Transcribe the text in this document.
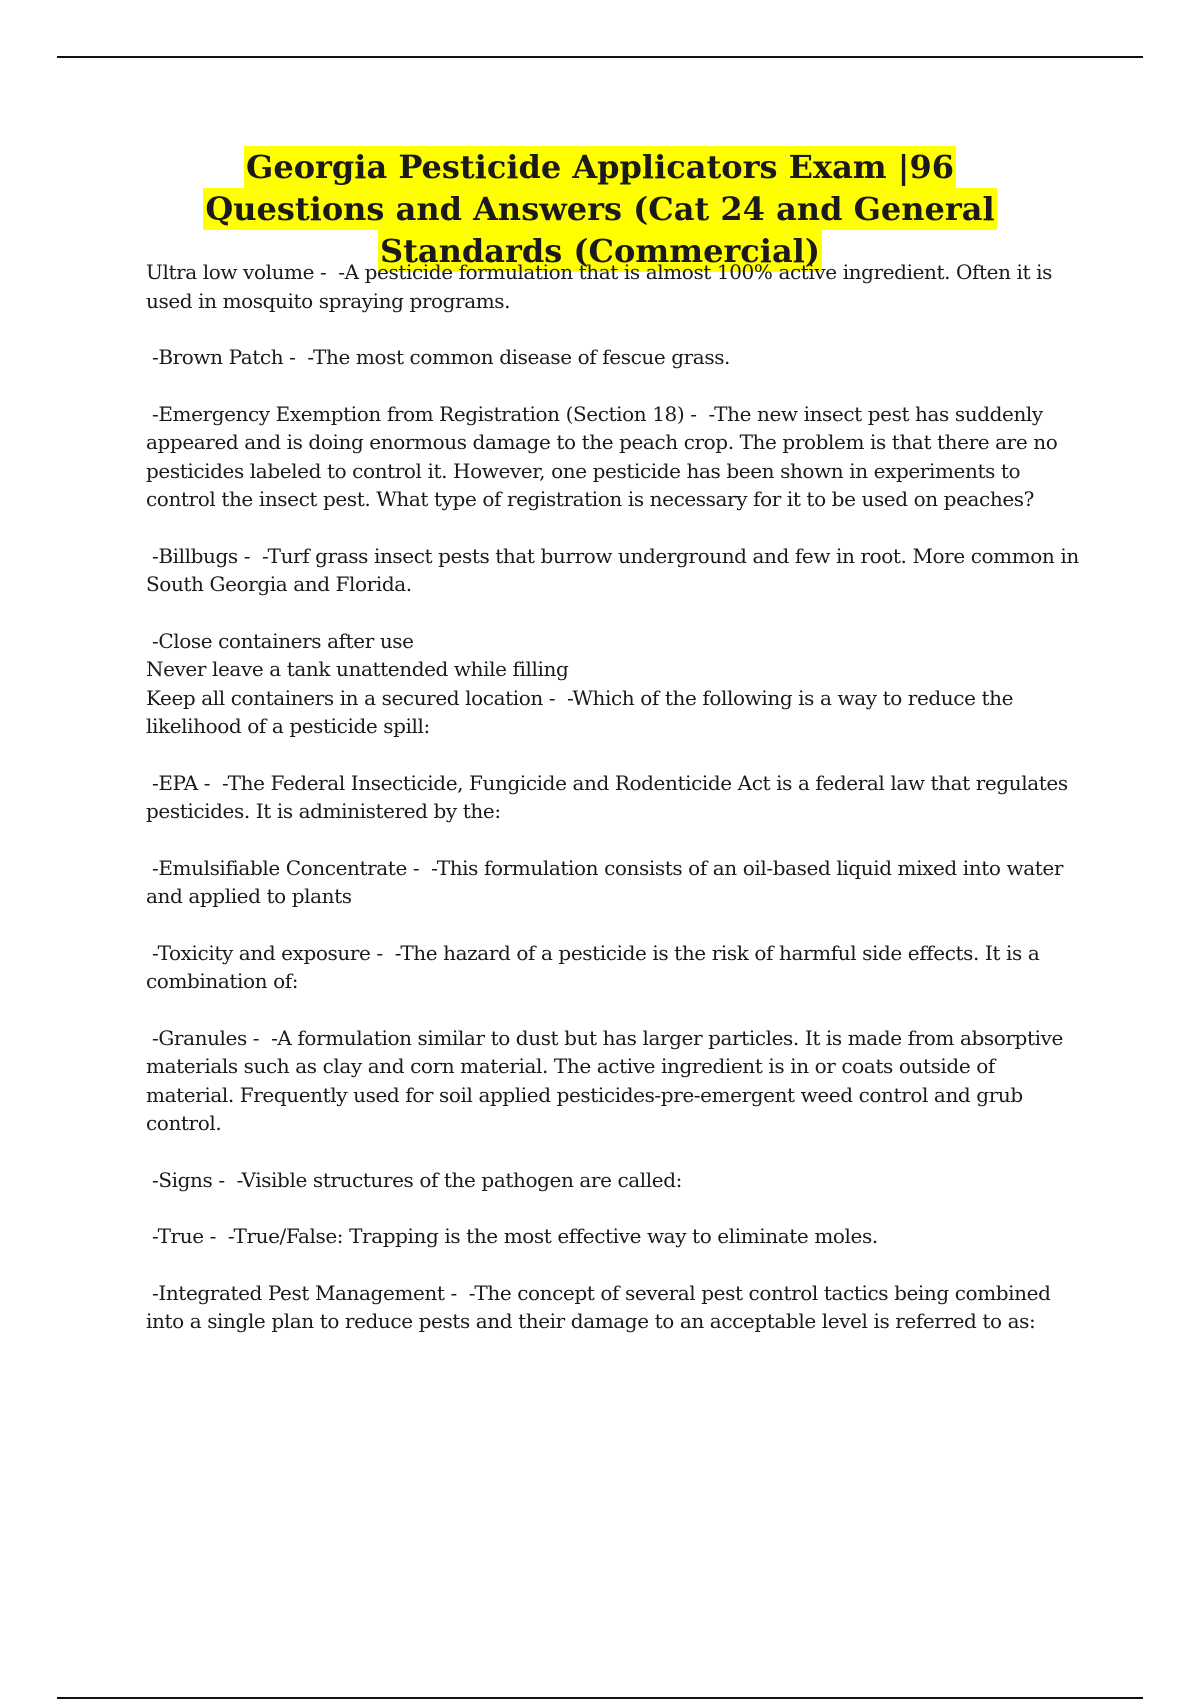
Georgia Pesticide Applicators Exam |96 Questions and Answers (Cat 24 and General Standards (Commercial)

Ultra low volume -  -A pesticide formulation that is almost 100% active ingredient. Often it is used in mosquito spraying programs.

-Brown Patch -  -The most common disease of fescue grass.

-Emergency Exemption from Registration (Section 18) -  -The new insect pest has suddenly appeared and is doing enormous damage to the peach crop. The problem is that there are no pesticides labeled to control it. However, one pesticide has been shown in experiments to control the insect pest. What type of registration is necessary for it to be used on peaches?

-Billbugs -  -Turf grass insect pests that burrow underground and few in root. More common in South Georgia and Florida.

-Close containers after use
Never leave a tank unattended while filling
Keep all containers in a secured location -  -Which of the following is a way to reduce the likelihood of a pesticide spill:

-EPA -  -The Federal Insecticide, Fungicide and Rodenticide Act is a federal law that regulates pesticides. It is administered by the:

-Emulsifiable Concentrate -  -This formulation consists of an oil-based liquid mixed into water and applied to plants

-Toxicity and exposure -  -The hazard of a pesticide is the risk of harmful side effects. It is a combination of:

-Granules -  -A formulation similar to dust but has larger particles. It is made from absorptive materials such as clay and corn material. The active ingredient is in or coats outside of material. Frequently used for soil applied pesticides-pre-emergent weed control and grub control.

-Signs -  -Visible structures of the pathogen are called:

-True -  -True/False: Trapping is the most effective way to eliminate moles.

-Integrated Pest Management -  -The concept of several pest control tactics being combined into a single plan to reduce pests and their damage to an acceptable level is referred to as:
